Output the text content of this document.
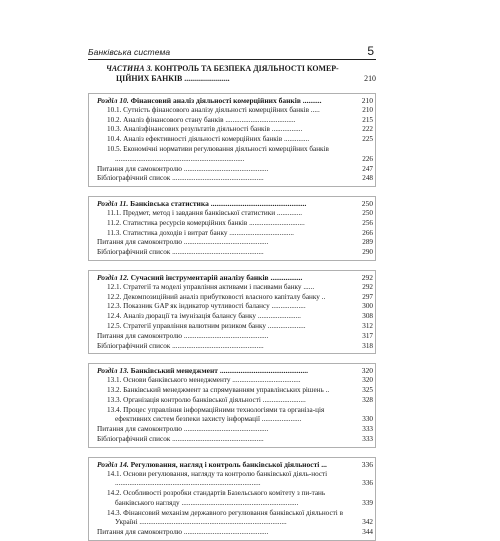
Банківська система	5
ЧАСТИНА 3. КОНТРОЛЬ ТА БЕЗПЕКА ДІЯЛЬНОСТІ КОМЕР-ЦІЙНИХ БАНКІВ .......................	210
Розділ 10. Фінансовий аналіз діяльності комерційних банків ..........	210
10.1. Сутність фінансового аналізу діяльності комерційних банків .....	210
10.2. Аналіз фінансового стану банків .......................................	215
10.3. Аналізфінансових результатів діяльності банків .................	222
10.4. Аналіз ефективності діяльності комерційних банків ..............	225
10.5. Економічні нормативи регулювання діяльності комерційних банків ........................................................................	226
Питання для самоконтролю ...............................................	247
Бібліографічний список ...................................................	248
Розділ 11. Банківська статистика ...................................................	250
11.1. Предмет, метод і завдання банківської статистики ..............	250
11.2. Статистика ресурсів комерційних банків ...............................	256
11.3. Статистика доходів і витрат банку ....................................	266
Питання для самоконтролю ...............................................	289
Бібліографічний список ...................................................	290
Розділ 12. Сучасний інструментарій аналізу банків .................	292
12.1. Стратегії та моделі управління активами і пасивами банку ......	292
12.2. Декомпозиційний аналіз прибутковості власного капіталу банку ..	297
12.3. Показник GAP як індикатор чутливості балансу ...................	300
12.4. Аналіз дюрації та імунізація балансу банку ........................	308
12.5. Стратегії управління валютним ризиком банку .....................	312
Питання для самоконтролю ...............................................	317
Бібліографічний список ...................................................	318
Розділ 13. Банківський менеджмент ...............................................	320
13.1. Основи банківського менеджменту ......................................	320
13.2. Банківський менеджмент за спрямуванням управлінських рішень ..	325
13.3. Організація контролю банківської діяльності ........................	328
13.4. Процес управління інформаційними технологіями та організа-ція ефективних систем безпеки захисту інформації ......................	330
Питання для самоконтролю ...............................................	333
Бібліографічний список ...................................................	333
Розділ 14. Регулювання, нагляд і контроль банківської діяльності ...	336
14.1. Основи регулювання, нагляду та контролю банківської діяль-ності .................................................................................	336
14.2. Особливості розробки стандартів Базельського комітету з пи-тань банківського нагляду .................................................................	339
14.3. Фінансовий механізм державного регулювання банківської діяльності в Україні ..................................................................................	342
Питання для самоконтролю ...............................................	344
